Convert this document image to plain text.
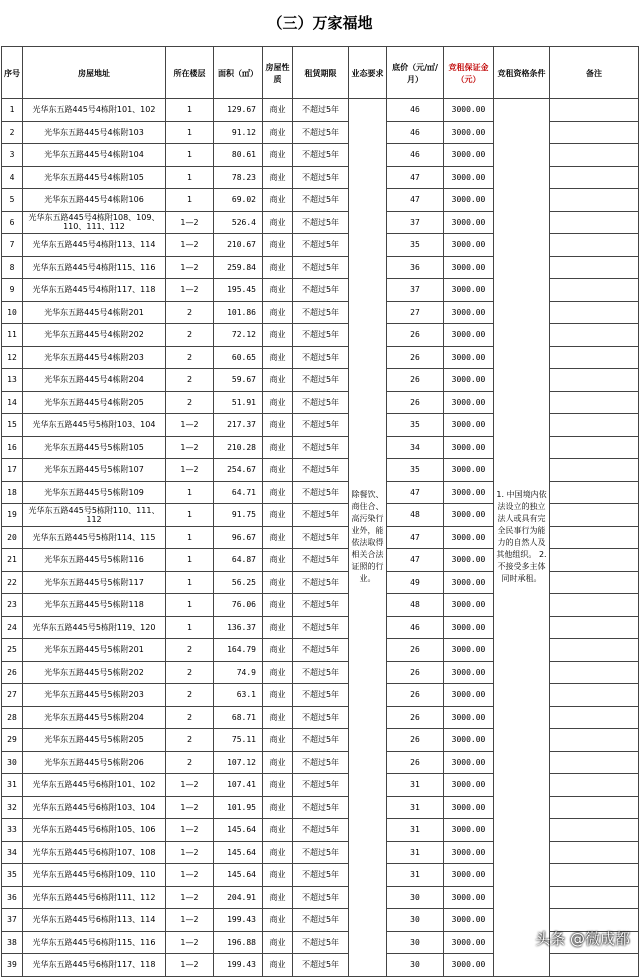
（三）万家福地
序号	房屋地址	所在楼层	面积（㎡）	房屋性质	租赁期限	业态要求	底价（元/㎡/月）	竞租保证金（元）	竞租资格条件	备注
1	光华东五路445号4栋附101、102	1	129.67	商业	不超过5年	除餐饮、商住合、高污染行业外，能依法取得相关合法证照的行业。	46	3000.00	1. 中国境内依法设立的独立法人或具有完全民事行为能力的自然人及其他组织。 2. 不接受多主体同时承租。	
2	光华东五路445号4栋附103	1	91.12	商业	不超过5年		46	3000.00		
3	光华东五路445号4栋附104	1	80.61	商业	不超过5年		46	3000.00		
4	光华东五路445号4栋附105	1	78.23	商业	不超过5年		47	3000.00		
5	光华东五路445号4栋附106	1	69.02	商业	不超过5年		47	3000.00		
6	光华东五路445号4栋附108、109、110、111、112	1—2	526.4	商业	不超过5年		37	3000.00		
7	光华东五路445号4栋附113、114	1—2	210.67	商业	不超过5年		35	3000.00		
8	光华东五路445号4栋附115、116	1—2	259.84	商业	不超过5年		36	3000.00		
9	光华东五路445号4栋附117、118	1—2	195.45	商业	不超过5年		37	3000.00		
10	光华东五路445号4栋附201	2	101.86	商业	不超过5年		27	3000.00		
11	光华东五路445号4栋附202	2	72.12	商业	不超过5年		26	3000.00		
12	光华东五路445号4栋附203	2	60.65	商业	不超过5年		26	3000.00		
13	光华东五路445号4栋附204	2	59.67	商业	不超过5年		26	3000.00		
14	光华东五路445号4栋附205	2	51.91	商业	不超过5年		26	3000.00		
15	光华东五路445号5栋附103、104	1—2	217.37	商业	不超过5年		35	3000.00		
16	光华东五路445号5栋附105	1—2	210.28	商业	不超过5年		34	3000.00		
17	光华东五路445号5栋附107	1—2	254.67	商业	不超过5年		35	3000.00		
18	光华东五路445号5栋附109	1	64.71	商业	不超过5年		47	3000.00		
19	光华东五路445号5栋附110、111、112	1	91.75	商业	不超过5年		48	3000.00		
20	光华东五路445号5栋附114、115	1	96.67	商业	不超过5年		47	3000.00		
21	光华东五路445号5栋附116	1	64.87	商业	不超过5年		47	3000.00		
22	光华东五路445号5栋附117	1	56.25	商业	不超过5年		49	3000.00		
23	光华东五路445号5栋附118	1	76.06	商业	不超过5年		48	3000.00		
24	光华东五路445号5栋附119、120	1	136.37	商业	不超过5年		46	3000.00		
25	光华东五路445号5栋附201	2	164.79	商业	不超过5年		26	3000.00		
26	光华东五路445号5栋附202	2	74.9	商业	不超过5年		26	3000.00		
27	光华东五路445号5栋附203	2	63.1	商业	不超过5年		26	3000.00		
28	光华东五路445号5栋附204	2	68.71	商业	不超过5年		26	3000.00		
29	光华东五路445号5栋附205	2	75.11	商业	不超过5年		26	3000.00		
30	光华东五路445号5栋附206	2	107.12	商业	不超过5年		26	3000.00		
31	光华东五路445号6栋附101、102	1—2	107.41	商业	不超过5年		31	3000.00		
32	光华东五路445号6栋附103、104	1—2	101.95	商业	不超过5年		31	3000.00		
33	光华东五路445号6栋附105、106	1—2	145.64	商业	不超过5年		31	3000.00		
34	光华东五路445号6栋附107、108	1—2	145.64	商业	不超过5年		31	3000.00		
35	光华东五路445号6栋附109、110	1—2	145.64	商业	不超过5年		31	3000.00		
36	光华东五路445号6栋附111、112	1—2	204.91	商业	不超过5年		30	3000.00		
37	光华东五路445号6栋附113、114	1—2	199.43	商业	不超过5年		30	3000.00		
38	光华东五路445号6栋附115、116	1—2	196.88	商业	不超过5年		30	3000.00		
39	光华东五路445号6栋附117、118	1—2	199.43	商业	不超过5年		30	3000.00		
头条 @微成都
